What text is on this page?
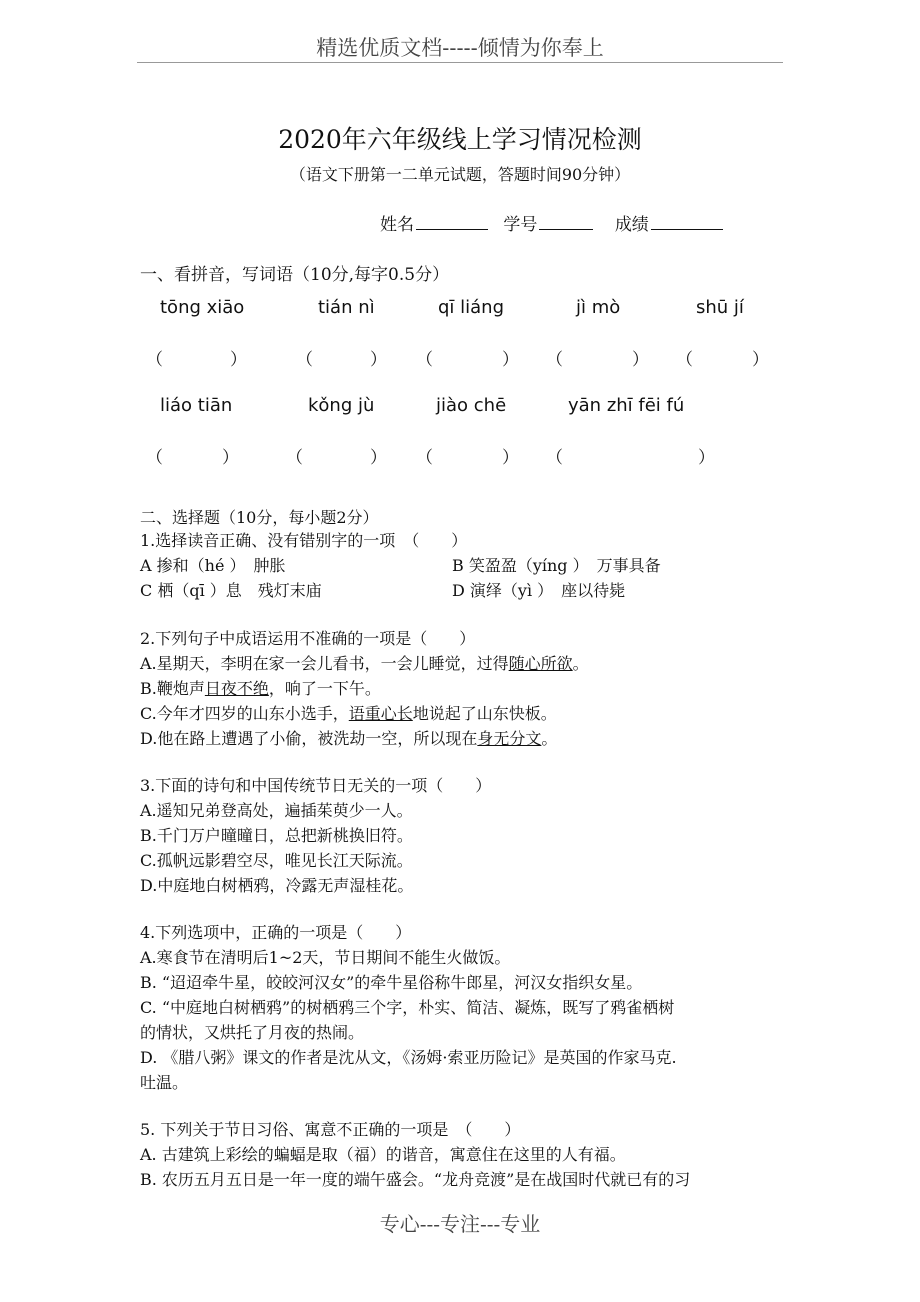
精选优质文档-----倾情为你奉上
2020年六年级线上学习情况检测
（语文下册第一二单元试题，答题时间90分钟）
姓名	学号	成绩
一、看拼音，写词语（10分,每字0.5分）
tōng xiāo	tián nì	qī liáng	jì mò	shū jí
（	）	（	） （	） （	） （	）
liáo tiān	kǒng jù	jiào chē	yān zhī fēi fú
（	）	（	） （	） （	）
二、选择题（10分，每小题2分）
1.选择读音正确、没有错别字的一项　（　　）
A 掺和（hé ）　肿胀	B 笑盈盈（yíng ）　万事具备
C 栖（qī ）息　残灯末庙	D 演绎（yì ）　座以待毙
2.下列句子中成语运用不准确的一项是（　　）
A.星期天，李明在家一会儿看书，一会儿睡觉，过得随心所欲。
B.鞭炮声日夜不绝，响了一下午。
C.今年才四岁的山东小选手，语重心长地说起了山东快板。
D.他在路上遭遇了小偷，被洗劫一空，所以现在身无分文。
3.下面的诗句和中国传统节日无关的一项（　　）
A.遥知兄弟登高处，遍插茱萸少一人。
B.千门万户曈曈日，总把新桃换旧符。
C.孤帆远影碧空尽，唯见长江天际流。
D.中庭地白树栖鸦，冷露无声湿桂花。
4.下列选项中，正确的一项是（　　）
A.寒食节在清明后1~2天，节日期间不能生火做饭。
B. “迢迢牵牛星，皎皎河汉女”的牵牛星俗称牛郎星，河汉女指织女星。
C. “中庭地白树栖鸦”的树栖鸦三个字，朴实、简洁、凝炼，既写了鸦雀栖树
的情状，又烘托了月夜的热闹。
D. 《腊八粥》课文的作者是沈从文，《汤姆·索亚历险记》是英国的作家马克.
吐温。
5. 下列关于节日习俗、寓意不正确的一项是　（　　）
A. 古建筑上彩绘的蝙蝠是取（福）的谐音，寓意住在这里的人有福。
B. 农历五月五日是一年一度的端午盛会。“龙舟竞渡”是在战国时代就已有的习
专心---专注---专业
